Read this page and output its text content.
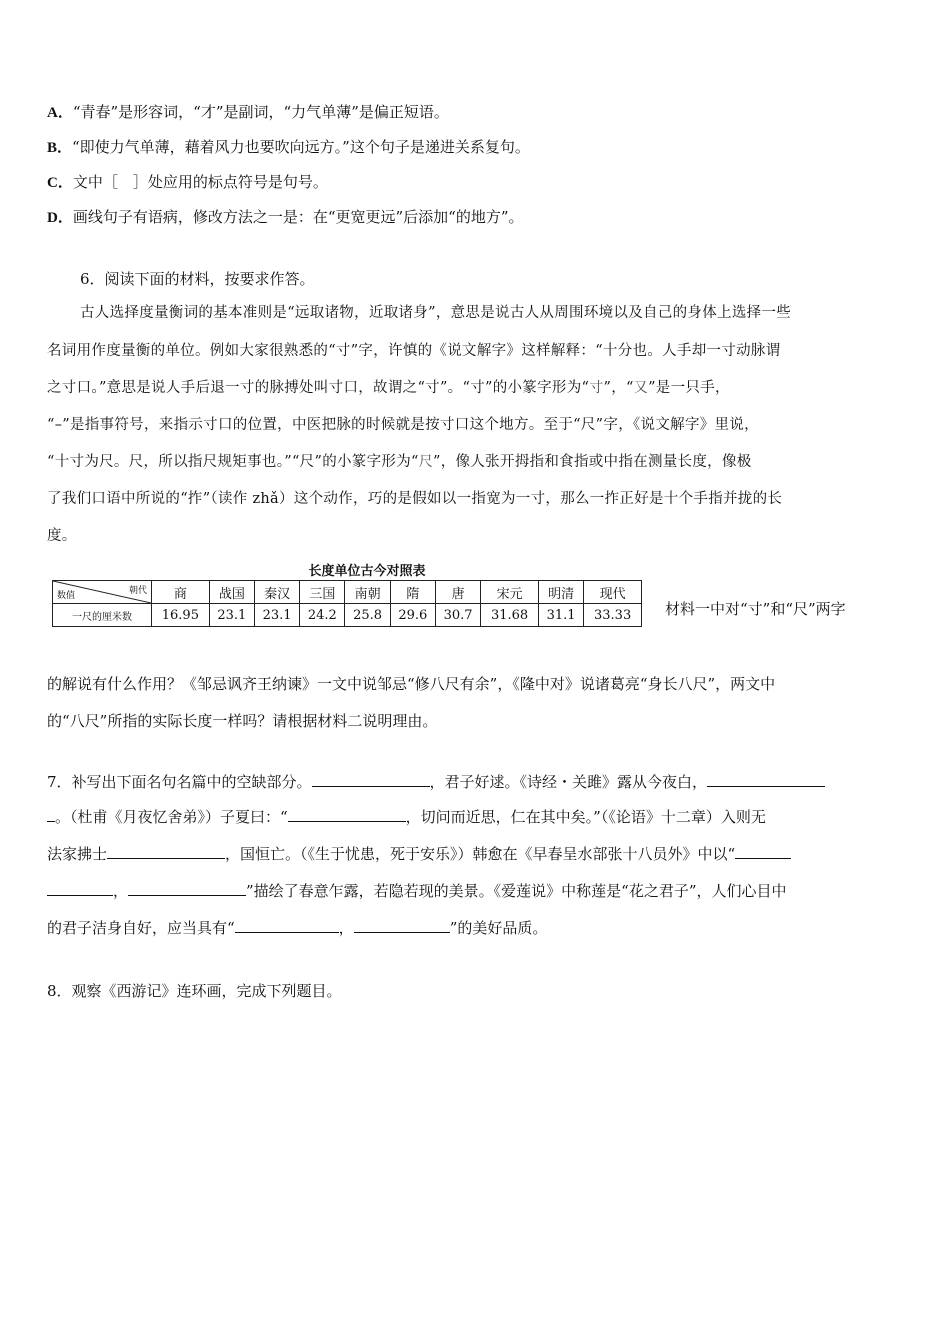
A．“青春”是形容词，“才”是副词，“力气单薄”是偏正短语。
B．“即使力气单薄，藉着风力也要吹向远方。”这个句子是递进关系复句。
C．文中［　］处应用的标点符号是句号。
D．画线句子有语病，修改方法之一是：在“更宽更远”后添加“的地方”。
6．阅读下面的材料，按要求作答。
古人选择度量衡词的基本准则是“远取诸物，近取诸身”，意思是说古人从周围环境以及自己的身体上选择一些
名词用作度量衡的单位。例如大家很熟悉的“寸”字，许慎的《说文解字》这样解释：“十分也。人手却一寸动脉谓
之寸口。”意思是说人手后退一寸的脉搏处叫寸口，故谓之“寸”。“寸”的小篆字形为“寸”，“又”是一只手，
“–”是指事符号，来指示寸口的位置，中医把脉的时候就是按寸口这个地方。至于“尺”字，《说文解字》里说，
“十寸为尺。尺，所以指尺规矩事也。”“尺”的小篆字形为“尺”，像人张开拇指和食指或中指在测量长度，像极
了我们口语中所说的“拃”（读作 zhǎ）这个动作，巧的是假如以一指宽为一寸，那么一拃正好是十个手指并拢的长
度。
长度单位古今对照表
朝代
数值	商	战国	秦汉	三国	南朝	隋	唐	宋元	明清	现代
一尺的厘米数	16.95	23.1	23.1	24.2	25.8	29.6	30.7	31.68	31.1	33.33 材料一中对“寸”和“尺”两字
的解说有什么作用？《邹忌讽齐王纳谏》一文中说邹忌“修八尺有余”，《隆中对》说诸葛亮“身长八尺”，两文中
的“八尺”所指的实际长度一样吗？请根据材料二说明理由。
7．补写出下面名句名篇中的空缺部分。	，君子好逑。《诗经・关雎》露从今夜白，
。（杜甫《月夜忆舍弟》）子夏曰：“	，切问而近思，仁在其中矣。”（《论语》十二章）入则无
法家拂士	，国恒亡。（《生于忧患，死于安乐》）韩愈在《早春呈水部张十八员外》中以“
，	”描绘了春意乍露，若隐若现的美景。《爱莲说》中称莲是“花之君子”，人们心目中
的君子洁身自好，应当具有“	，	”的美好品质。
8．观察《西游记》连环画，完成下列题目。
